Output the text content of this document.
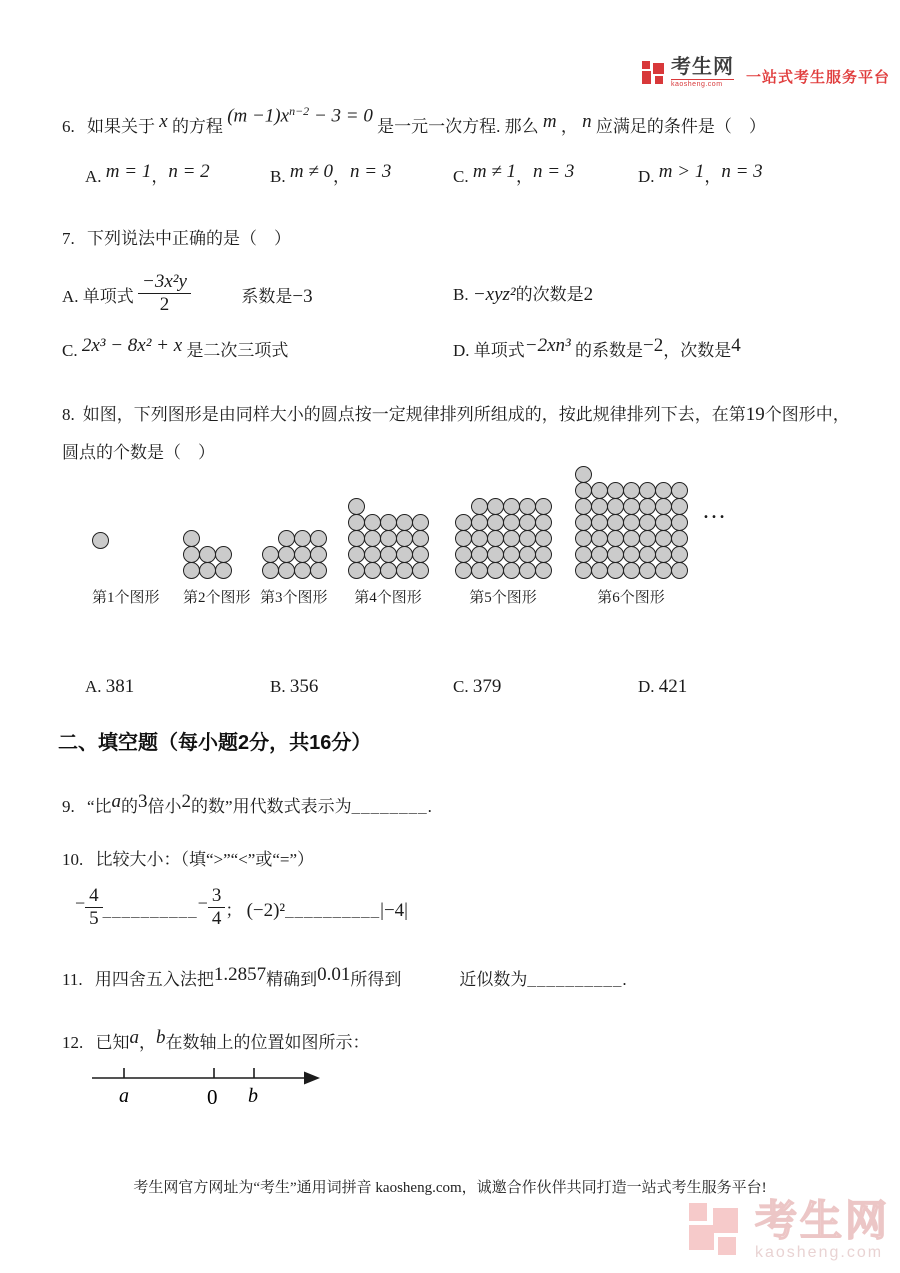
考生网
kaosheng.com	一站式考生服务平台
6. 如果关于 x 的方程 $(m -1)x^{n-2} - 3 = 0$ 是一元一次方程. 那么 m ， n 应满足的条件是（　）
A. m = 1，n = 2	B. m ≠ 0，n = 3	C. m ≠ 1，n = 3	D. m > 1，n = 3
7. 下列说法中正确的是（　）
A. 单项式 $\frac{\text{−3x²y}}{2}$	系数是−3	B. −xyz²的次数是2
C. 2x³ − 8x² + x 是二次三项式	D. 单项式−2xn³ 的系数是−2，次数是4
8. 如图，下列图形是由同样大小的圆点按一定规律排列所组成的，按此规律排列下去，在第19个图形中，
圆点的个数是（　）
…
第1个图形 第2个图形 第3个图形 第4个图形	第5个图形	第6个图形
A. 381	B. 356	C. 379	D. 421
二、填空题（每小题2分，共16分）
9. “比a的3倍小2的数”用代数式表示为________.
10. 比较大小：（填“>”“<”或“=”）
− $\frac{4}{5}$ __________− $\frac{3}{4}$ ； (−2)²__________|−4|
11. 用四舍五入法把1.2857精确到0.01所得到	近似数为__________.
12. 已知a，b在数轴上的位置如图所示：
a	0 b
考生网官方网址为“考生”通用词拼音 kaosheng.com，诚邀合作伙伴共同打造一站式考生服务平台!
考生网
kaosheng.com
